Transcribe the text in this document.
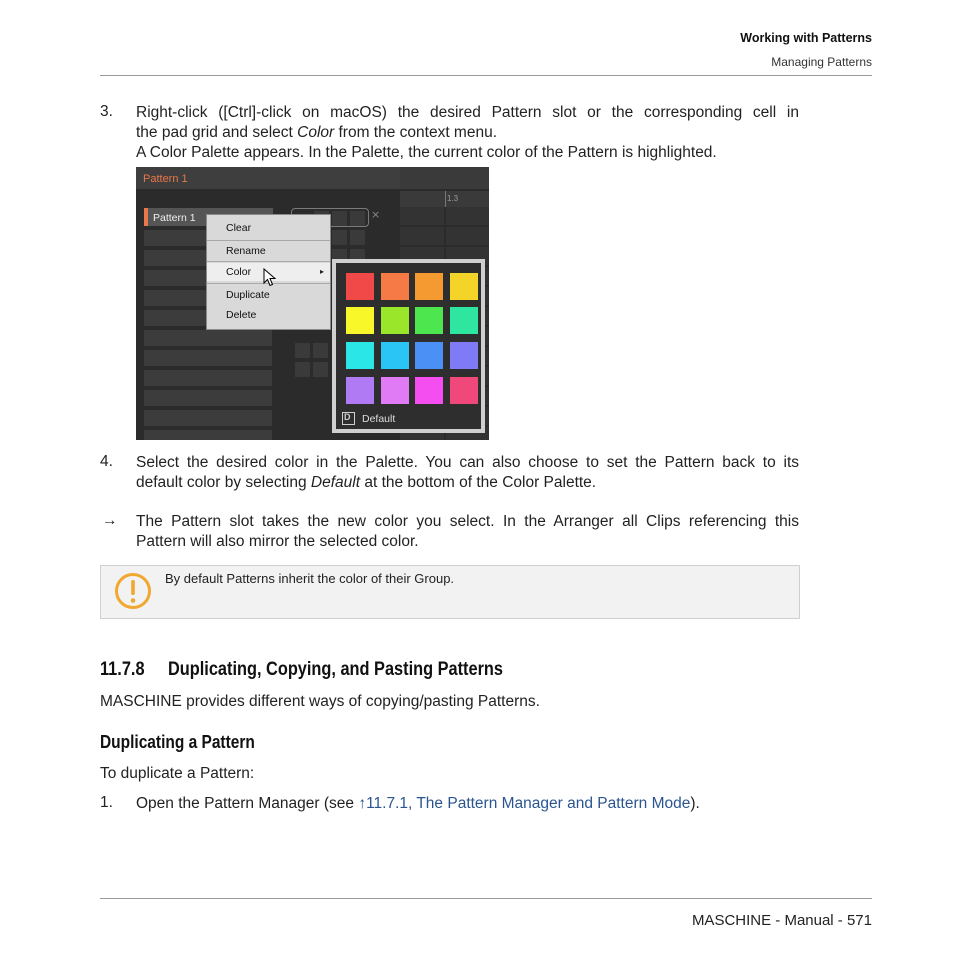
Working with Patterns
Managing Patterns
3. Right-click ([Ctrl]-click on macOS) the desired Pattern slot or the corresponding cell in
the pad grid and select Color from the context menu.
A Color Palette appears. In the Palette, the current color of the Pattern is highlighted.
Pattern 1
1.3
Pattern 1	×
Clear
Rename
Color	▸
Duplicate
Delete
D Default
4. Select the desired color in the Palette. You can also choose to set the Pattern back to its
default color by selecting Default at the bottom of the Color Palette.
→ The Pattern slot takes the new color you select. In the Arranger all Clips referencing this
Pattern will also mirror the selected color.
By default Patterns inherit the color of their Group.
11.7.8 Duplicating, Copying, and Pasting Patterns
MASCHINE provides different ways of copying/pasting Patterns.
Duplicating a Pattern
To duplicate a Pattern:
1. Open the Pattern Manager (see ↑11.7.1, The Pattern Manager and Pattern Mode).
MASCHINE - Manual - 571
